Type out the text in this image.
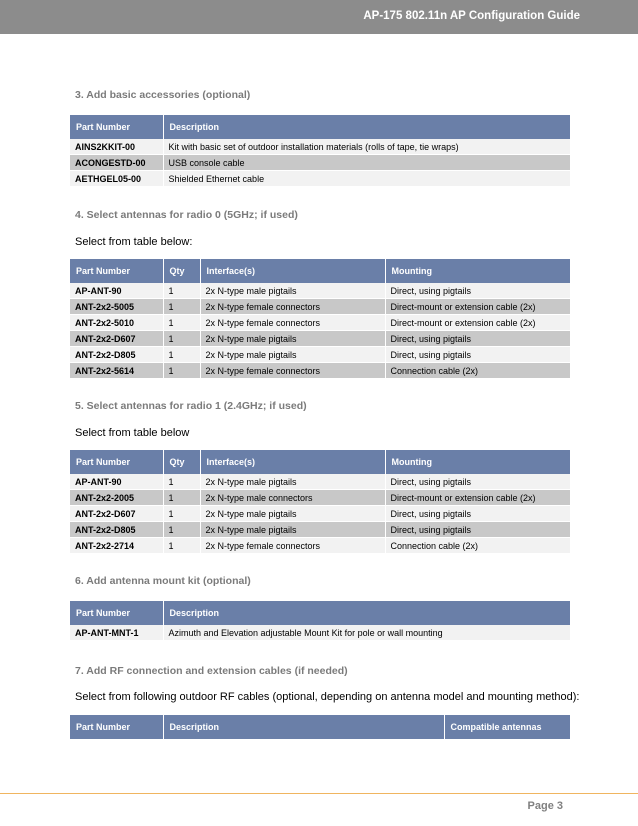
AP-175 802.11n AP Configuration Guide
3. Add basic accessories (optional)
Part Number	Description
AINS2KKIT-00	Kit with basic set of outdoor installation materials (rolls of tape, tie wraps)
ACONGESTD-00	USB console cable
AETHGEL05-00	Shielded Ethernet cable
4. Select antennas for radio 0 (5GHz; if used)
Select from table below:
Part Number	Qty	Interface(s)	Mounting
AP-ANT-90	1	2x N-type male pigtails	Direct, using pigtails
ANT-2x2-5005	1	2x N-type female connectors	Direct-mount or extension cable (2x)
ANT-2x2-5010	1	2x N-type female connectors	Direct-mount or extension cable (2x)
ANT-2x2-D607	1	2x N-type male pigtails	Direct, using pigtails
ANT-2x2-D805	1	2x N-type male pigtails	Direct, using pigtails
ANT-2x2-5614	1	2x N-type female connectors	Connection cable (2x)
5. Select antennas for radio 1 (2.4GHz; if used)
Select from table below
Part Number	Qty	Interface(s)	Mounting
AP-ANT-90	1	2x N-type male pigtails	Direct, using pigtails
ANT-2x2-2005	1	2x N-type male connectors	Direct-mount or extension cable (2x)
ANT-2x2-D607	1	2x N-type male pigtails	Direct, using pigtails
ANT-2x2-D805	1	2x N-type male pigtails	Direct, using pigtails
ANT-2x2-2714	1	2x N-type female connectors	Connection cable (2x)
6. Add antenna mount kit (optional)
Part Number	Description
AP-ANT-MNT-1	Azimuth and Elevation adjustable Mount Kit for pole or wall mounting
7. Add RF connection and extension cables (if needed)
Select from following outdoor RF cables (optional, depending on antenna model and mounting method):
Part Number	Description	Compatible antennas
Page 3
